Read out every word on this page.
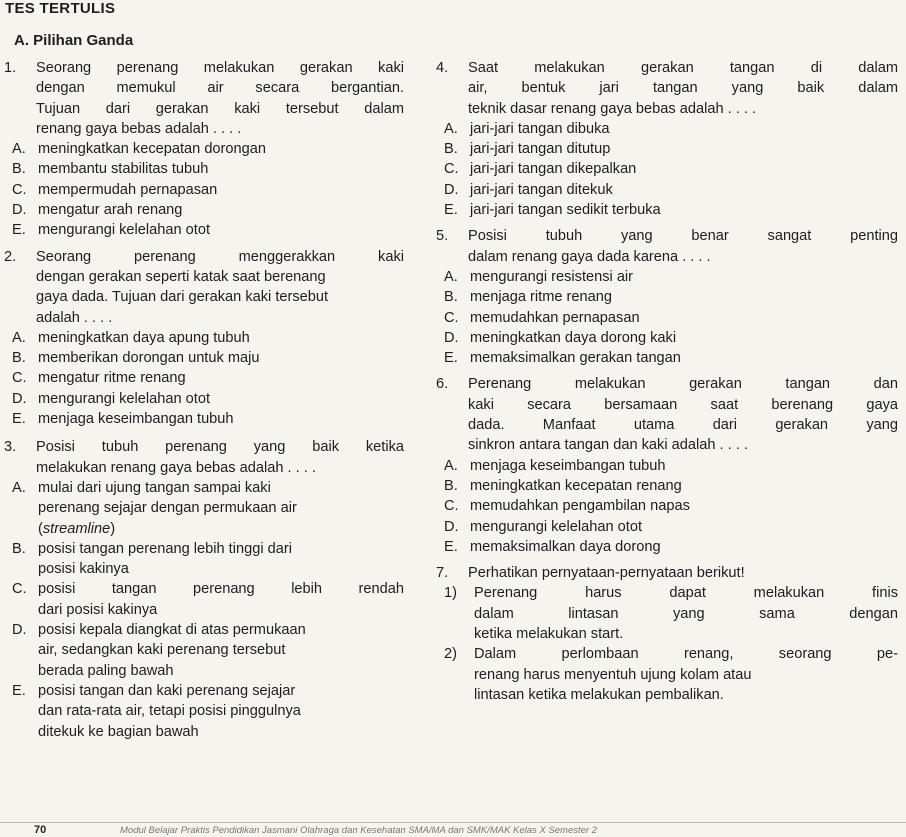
TES TERTULIS
A. Pilihan Ganda
1. Seorang perenang melakukan gerakan kaki
dengan memukul air secara bergantian.
Tujuan dari gerakan kaki tersebut dalam
renang gaya bebas adalah . . . .
A. meningkatkan kecepatan dorongan
B. membantu stabilitas tubuh
C. mempermudah pernapasan
D. mengatur arah renang
E. mengurangi kelelahan otot
2. Seorang perenang menggerakkan kaki
dengan gerakan seperti katak saat berenang
gaya dada. Tujuan dari gerakan kaki tersebut
adalah . . . .
A. meningkatkan daya apung tubuh
B. memberikan dorongan untuk maju
C. mengatur ritme renang
D. mengurangi kelelahan otot
E. menjaga keseimbangan tubuh
3. Posisi tubuh perenang yang baik ketika
melakukan renang gaya bebas adalah . . . .
A. mulai dari ujung tangan sampai kaki
perenang sejajar dengan permukaan air
(streamline)
B. posisi tangan perenang lebih tinggi dari
posisi kakinya
C. posisi tangan perenang lebih rendah
dari posisi kakinya
D. posisi kepala diangkat di atas permukaan
air, sedangkan kaki perenang tersebut
berada paling bawah
E. posisi tangan dan kaki perenang sejajar
dan rata-rata air, tetapi posisi pinggulnya
ditekuk ke bagian bawah
4. Saat melakukan gerakan tangan di dalam
air, bentuk jari tangan yang baik dalam
teknik dasar renang gaya bebas adalah . . . .
A. jari-jari tangan dibuka
B. jari-jari tangan ditutup
C. jari-jari tangan dikepalkan
D. jari-jari tangan ditekuk
E. jari-jari tangan sedikit terbuka
5. Posisi tubuh yang benar sangat penting
dalam renang gaya dada karena . . . .
A. mengurangi resistensi air
B. menjaga ritme renang
C. memudahkan pernapasan
D. meningkatkan daya dorong kaki
E. memaksimalkan gerakan tangan
6. Perenang melakukan gerakan tangan dan
kaki secara bersamaan saat berenang gaya
dada. Manfaat utama dari gerakan yang
sinkron antara tangan dan kaki adalah . . . .
A. menjaga keseimbangan tubuh
B. meningkatkan kecepatan renang
C. memudahkan pengambilan napas
D. mengurangi kelelahan otot
E. memaksimalkan daya dorong
7. Perhatikan pernyataan-pernyataan berikut!
1) Perenang harus dapat melakukan finis
dalam lintasan yang sama dengan
ketika melakukan start.
2) Dalam perlombaan renang, seorang pe-
renang harus menyentuh ujung kolam atau
lintasan ketika melakukan pembalikan.
70	Modul Belajar Praktis Pendidikan Jasmani Olahraga dan Kesehatan SMA/MA dan SMK/MAK Kelas X Semester 2
